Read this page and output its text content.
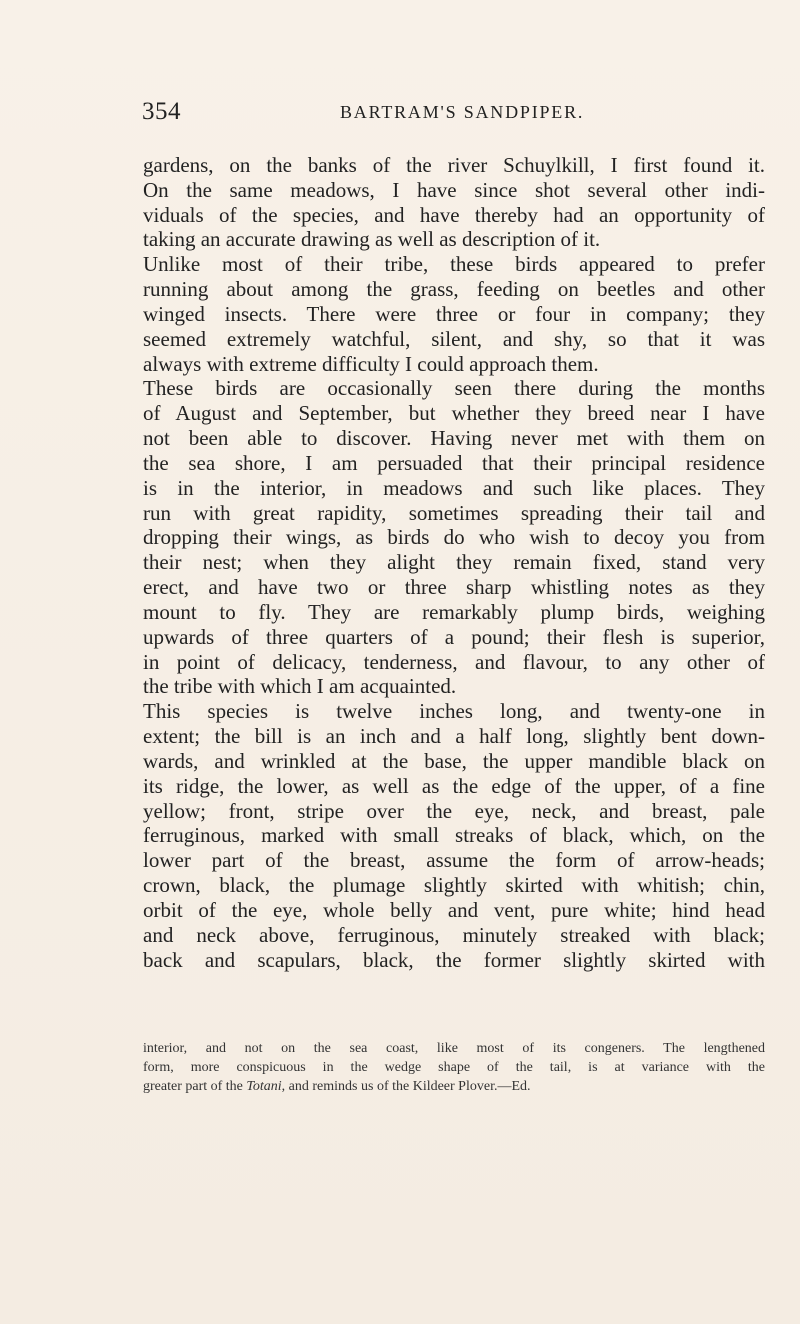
354	BARTRAM'S SANDPIPER.
gardens, on the banks of the river Schuylkill, I first found it.
On the same meadows, I have since shot several other indi-
viduals of the species, and have thereby had an opportunity of
taking an accurate drawing as well as description of it.
Unlike most of their tribe, these birds appeared to prefer
running about among the grass, feeding on beetles and other
winged insects. There were three or four in company; they
seemed extremely watchful, silent, and shy, so that it was
always with extreme difficulty I could approach them.
These birds are occasionally seen there during the months
of August and September, but whether they breed near I have
not been able to discover. Having never met with them on
the sea shore, I am persuaded that their principal residence
is in the interior, in meadows and such like places. They
run with great rapidity, sometimes spreading their tail and
dropping their wings, as birds do who wish to decoy you from
their nest; when they alight they remain fixed, stand very
erect, and have two or three sharp whistling notes as they
mount to fly. They are remarkably plump birds, weighing
upwards of three quarters of a pound; their flesh is superior,
in point of delicacy, tenderness, and flavour, to any other of
the tribe with which I am acquainted.
This species is twelve inches long, and twenty-one in
extent; the bill is an inch and a half long, slightly bent down-
wards, and wrinkled at the base, the upper mandible black on
its ridge, the lower, as well as the edge of the upper, of a fine
yellow; front, stripe over the eye, neck, and breast, pale
ferruginous, marked with small streaks of black, which, on the
lower part of the breast, assume the form of arrow-heads;
crown, black, the plumage slightly skirted with whitish; chin,
orbit of the eye, whole belly and vent, pure white; hind head
and neck above, ferruginous, minutely streaked with black;
back and scapulars, black, the former slightly skirted with
interior, and not on the sea coast, like most of its congeners. The lengthened
form, more conspicuous in the wedge shape of the tail, is at variance with the
greater part of the Totani, and reminds us of the Kildeer Plover.—Ed.
